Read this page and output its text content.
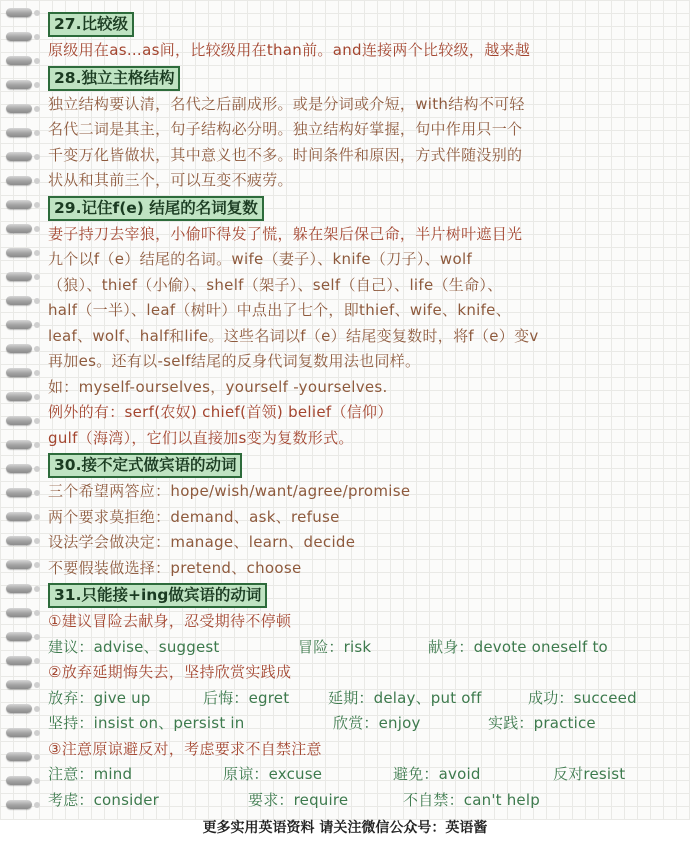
27.比较级
原级用在as…as间，比较级用在than前。and连接两个比较级，越来越
28.独立主格结构
独立结构要认清，名代之后副成形。或是分词或介短，with结构不可轻
名代二词是其主，句子结构必分明。独立结构好掌握，句中作用只一个
千变万化皆做状，其中意义也不多。时间条件和原因，方式伴随没别的
状从和其前三个，可以互变不疲劳。
29.记住f(e) 结尾的名词复数
妻子持刀去宰狼，小偷吓得发了慌，躲在架后保己命，半片树叶遮目光
九个以f（e）结尾的名词。wife（妻子）、knife（刀子）、wolf
（狼）、thief（小偷）、shelf（架子）、self（自己）、life（生命）、
half（一半）、leaf（树叶）中点出了七个，即thief、wife、knife、
leaf、wolf、half和life。这些名词以f（e）结尾变复数时，将f（e）变v
再加es。还有以-self结尾的反身代词复数用法也同样。
如：myself-ourselves，yourself -yourselves.
例外的有：serf(农奴) chief(首领) belief（信仰）
gulf（海湾），它们以直接加s变为复数形式。
30.接不定式做宾语的动词
三个希望两答应：hope/wish/want/agree/promise
两个要求莫拒绝：demand、ask、refuse
设法学会做决定：manage、learn、decide
不要假装做选择：pretend、choose
31.只能接+ing做宾语的动词
①建议冒险去献身，忍受期待不停顿
建议：advise、suggest	冒险：risk	献身：devote oneself to
②放弃延期悔失去，坚持欣赏实践成
放弃：give up	后悔：egret	延期：delay、put off	成功：succeed
坚持：insist on、persist in	欣赏：enjoy	实践：practice
③注意原谅避反对，考虑要求不自禁注意
注意：mind	原谅：excuse	避免：avoid	反对resist
考虑：consider	要求：require	不自禁：can't help
更多实用英语资料 请关注微信公众号：英语酱
